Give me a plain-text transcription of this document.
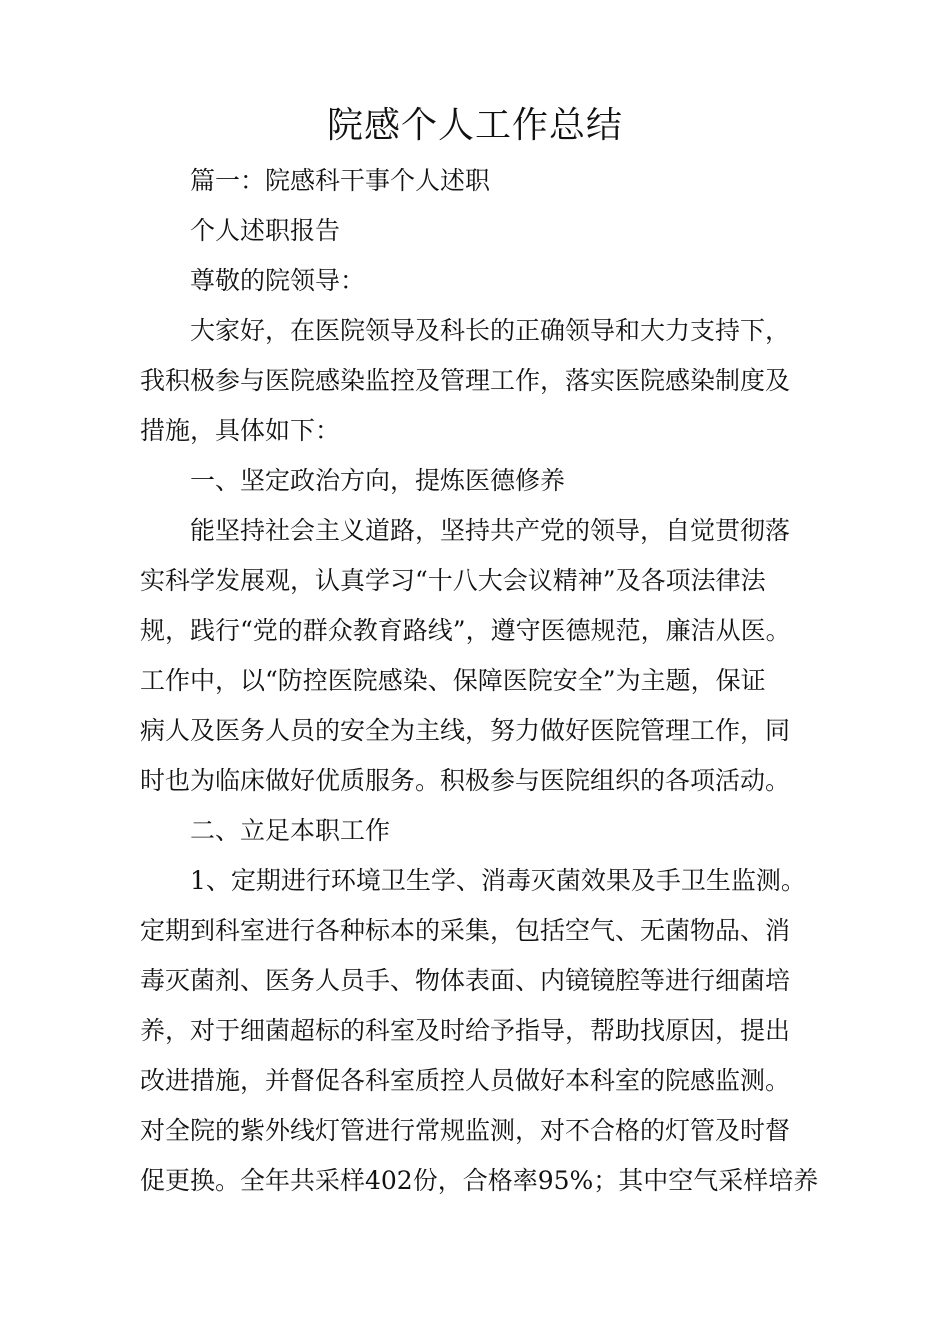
院感个人工作总结
篇一：院感科干事个人述职
个人述职报告
尊敬的院领导：
大家好，在医院领导及科长的正确领导和大力支持下，
我积极参与医院感染监控及管理工作，落实医院感染制度及
措施，具体如下：
一、坚定政治方向，提炼医德修养
能坚持社会主义道路，坚持共产党的领导，自觉贯彻落
实科学发展观，认真学习“十八大会议精神”及各项法律法
规，践行“党的群众教育路线”，遵守医德规范，廉洁从医。
工作中，以“防控医院感染、保障医院安全”为主题，保证
病人及医务人员的安全为主线，努力做好医院管理工作，同
时也为临床做好优质服务。积极参与医院组织的各项活动。
二、立足本职工作
1、定期进行环境卫生学、消毒灭菌效果及手卫生监测。
定期到科室进行各种标本的采集，包括空气、无菌物品、消
毒灭菌剂、医务人员手、物体表面、内镜镜腔等进行细菌培
养，对于细菌超标的科室及时给予指导，帮助找原因，提出
改进措施，并督促各科室质控人员做好本科室的院感监测。
对全院的紫外线灯管进行常规监测，对不合格的灯管及时督
促更换。全年共采样402份，合格率95%；其中空气采样培养
